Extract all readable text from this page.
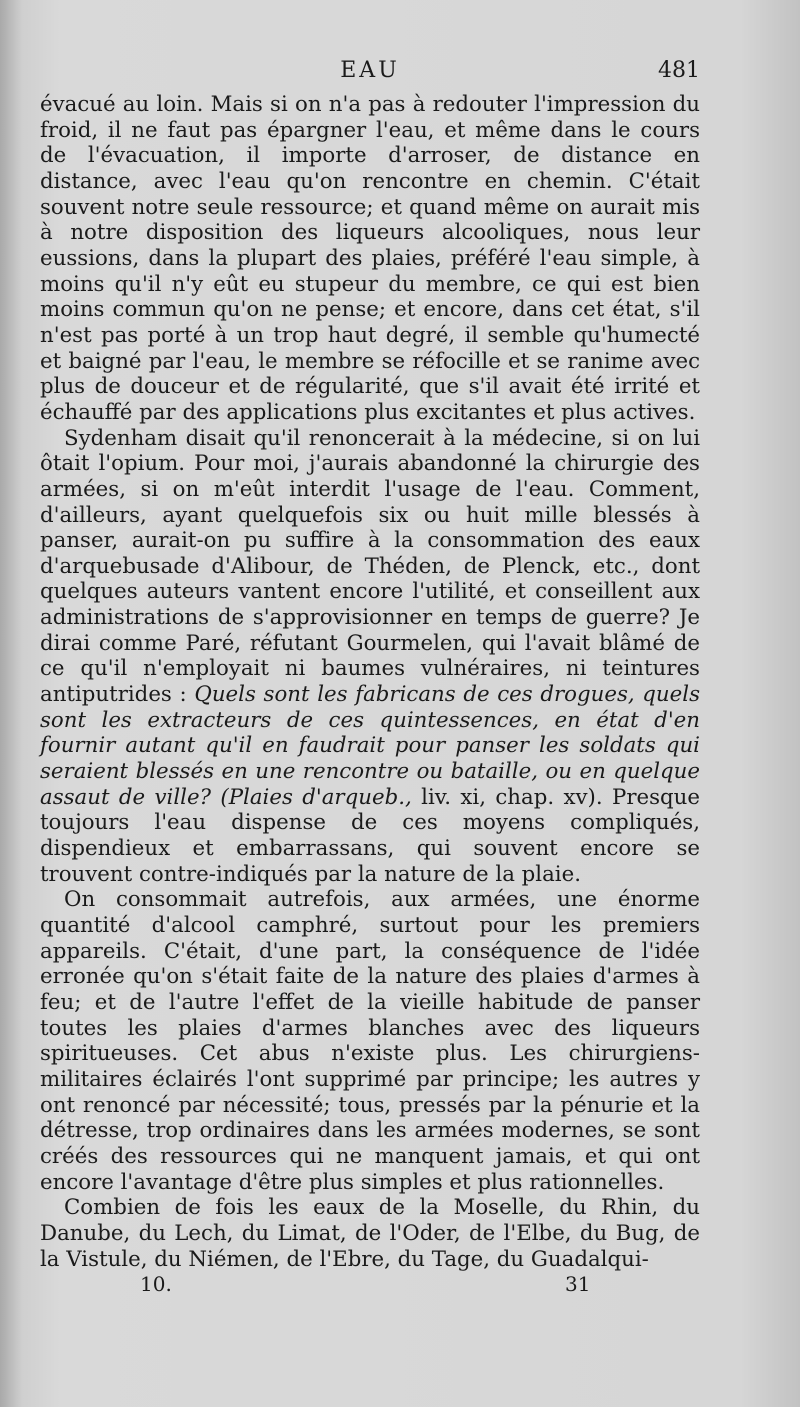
EAU	481

évacué au loin. Mais si on n'a pas à redouter l'impression du froid, il ne faut pas épargner l'eau, et même dans le cours de l'évacuation, il importe d'arroser, de distance en distance, avec l'eau qu'on rencontre en chemin. C'était souvent notre seule ressource; et quand même on aurait mis à notre disposition des liqueurs alcooliques, nous leur eussions, dans la plupart des plaies, préféré l'eau simple, à moins qu'il n'y eût eu stupeur du membre, ce qui est bien moins commun qu'on ne pense; et encore, dans cet état, s'il n'est pas porté à un trop haut degré, il semble qu'humecté et baigné par l'eau, le membre se réfocille et se ranime avec plus de douceur et de régularité, que s'il avait été irrité et échauffé par des applications plus excitantes et plus actives.

Sydenham disait qu'il renoncerait à la médecine, si on lui ôtait l'opium. Pour moi, j'aurais abandonné la chirurgie des armées, si on m'eût interdit l'usage de l'eau. Comment, d'ailleurs, ayant quelquefois six ou huit mille blessés à panser, aurait-on pu suffire à la consommation des eaux d'arquebusade d'Alibour, de Théden, de Plenck, etc., dont quelques auteurs vantent encore l'utilité, et conseillent aux administrations de s'approvisionner en temps de guerre? Je dirai comme Paré, réfutant Gourmelen, qui l'avait blâmé de ce qu'il n'employait ni baumes vulnéraires, ni teintures antiputrides : Quels sont les fabricans de ces drogues, quels sont les extracteurs de ces quintessences, en état d'en fournir autant qu'il en faudrait pour panser les soldats qui seraient blessés en une rencontre ou bataille, ou en quelque assaut de ville? (Plaies d'arqueb., liv. xi, chap. xv). Presque toujours l'eau dispense de ces moyens compliqués, dispendieux et embarrassans, qui souvent encore se trouvent contre-indiqués par la nature de la plaie.

On consommait autrefois, aux armées, une énorme quantité d'alcool camphré, surtout pour les premiers appareils. C'était, d'une part, la conséquence de l'idée erronée qu'on s'était faite de la nature des plaies d'armes à feu; et de l'autre l'effet de la vieille habitude de panser toutes les plaies d'armes blanches avec des liqueurs spiritueuses. Cet abus n'existe plus. Les chirurgiens-militaires éclairés l'ont supprimé par principe; les autres y ont renoncé par nécessité; tous, pressés par la pénurie et la détresse, trop ordinaires dans les armées modernes, se sont créés des ressources qui ne manquent jamais, et qui ont encore l'avantage d'être plus simples et plus rationnelles.

Combien de fois les eaux de la Moselle, du Rhin, du Danube, du Lech, du Limat, de l'Oder, de l'Elbe, du Bug, de la Vistule, du Niémen, de l'Ebre, du Tage, du Guadalqui-

10.	31
